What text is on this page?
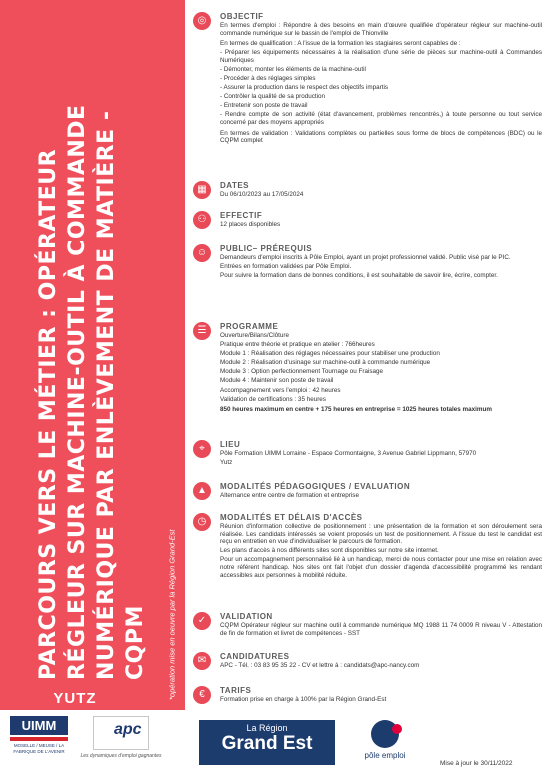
PARCOURS VERS LE MÉTIER : OPÉRATEUR RÉGLEUR SUR MACHINE-OUTIL À COMMANDE NUMÉRIQUE PAR ENLÈVEMENT DE MATIÈRE - CQPM	*opération mise en oeuvre par la Région Grand-Est
YUTZ
UIMM
MOSELLE / MEUSE / LA FABRIQUE DE L'AVENIR
apc
Les dynamiques d'emploi gagnantes
◎	OBJECTIF

En termes d'emploi : Répondre à des besoins en main d'œuvre qualifiée d'opérateur régleur sur machine-outil commande numérique sur le bassin de l'emploi de Thionville

En termes de qualification : A l'issue de la formation les stagiaires seront capables de :

- Préparer les équipements nécessaires à la réalisation d'une série de pièces sur machine-outil à Commandes Numériques

- Démonter, monter les éléments de la machine-outil

- Procéder à des réglages simples

- Assurer la production dans le respect des objectifs impartis

- Contrôler la qualité de sa production

- Entretenir son poste de travail

- Rendre compte de son activité (état d'avancement, problèmes rencontrés,) à toute personne ou tout service concerné par des moyens appropriés

En termes de validation : Validations complètes ou partielles sous forme de blocs de compétences (BDC) ou le CQPM complet

▦	DATES
Du 06/10/2023 au 17/05/2024
⚇	EFFECTIF
12 places disponibles
☺	PUBLIC– PRÉREQUIS

Demandeurs d'emploi inscrits à Pôle Emploi, ayant un projet professionnel validé. Public visé par le PIC.

Entrées en formation validées par Pôle Emploi.

Pour suivre la formation dans de bonnes conditions, il est souhaitable de savoir lire, écrire, compter.

☰	PROGRAMME

Ouverture/Bilans/Clôture

Pratique entre théorie et pratique en atelier : 766heures

Module 1 : Réalisation des réglages nécessaires pour stabiliser une production

Module 2 : Réalisation d'usinage sur machine-outil à commande numérique

Module 3 : Option perfectionnement Tournage ou Fraisage

Module 4 : Maintenir son poste de travail

Accompagnement vers l'emploi : 42 heures

Validation de certifications : 35 heures

850 heures maximum en centre + 175 heures en entreprise = 1025 heures totales maximum

⌖	LIEU

Pôle Formation UIMM Lorraine - Espace Cormontaigne, 3 Avenue Gabriel Lippmann, 57970

Yutz

▲	MODALITÉS PÉDAGOGIQUES / EVALUATION
Alternance entre centre de formation et entreprise
◷	MODALITÉS ET DÉLAIS D'ACCÈS

Réunion d'information collective de positionnement : une présentation de la formation et son déroulement sera réalisée. Les candidats intéressés se voient proposés un test de positionnement. A l'issue du test le candidat est reçu en entretien en vue d'individualiser le parcours de formation.

Les plans d'accès à nos différents sites sont disponibles sur notre site internet.

Pour un accompagnement personnalisé lié à un handicap, merci de nous contacter pour une mise en relation avec notre référent handicap. Nos sites ont fait l'objet d'un dossier d'agenda d'accessibilité programmé les rendant accessibles aux personnes à mobilité réduite.

✓	VALIDATION
CQPM Opérateur régleur sur machine outil à commande numérique MQ 1988 11 74 0009 R niveau V - Attestation de fin de formation et livret de compétences - SST
✉	CANDIDATURES
APC - Tél. : 03 83 95 35 22 - CV et lettre à : candidats@apc-nancy.com
€	TARIFS
Formation prise en charge à 100% par la Région Grand-Est
La Région
Grand Est
pôle emploi
Mise à jour le 30/11/2022
